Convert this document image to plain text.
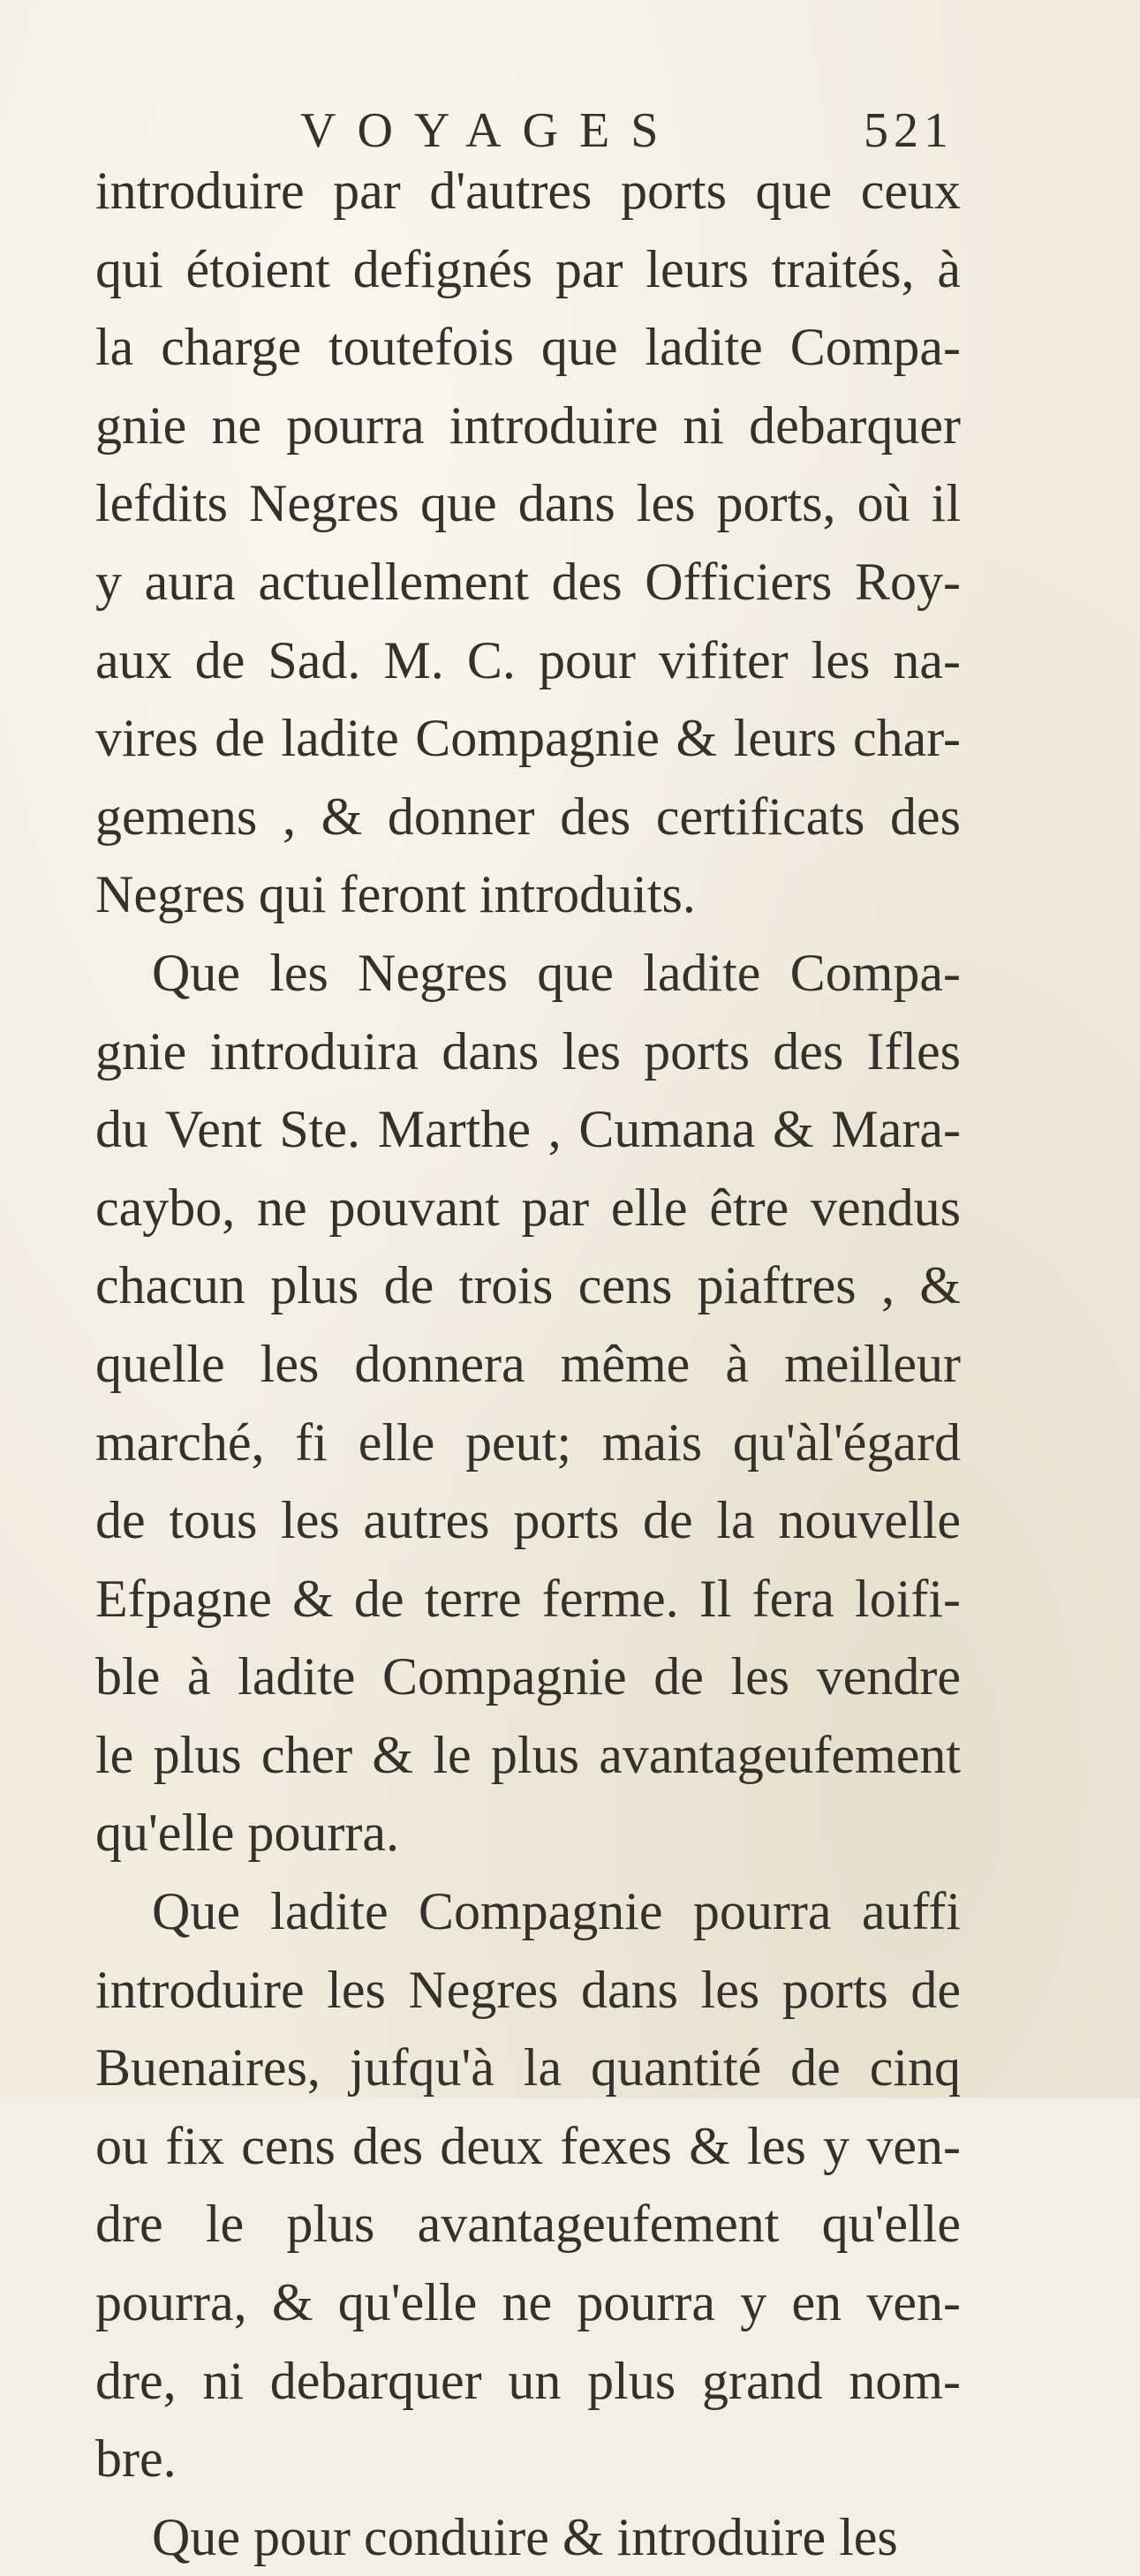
VOYAGES	521
introduire par d'autres ports que ceux
qui étoient defignés par leurs traités, à
la charge toutefois que ladite Compa-
gnie ne pourra introduire ni debarquer
lefdits Negres que dans les ports, où il
y aura actuellement des Officiers Roy-
aux de Sad. M. C. pour vifiter les na-
vires de ladite Compagnie & leurs char-
gemens , & donner des certificats des
Negres qui feront introduits.
Que les Negres que ladite Compa-
gnie introduira dans les ports des Ifles
du Vent Ste. Marthe , Cumana & Mara-
caybo, ne pouvant par elle être vendus
chacun plus de trois cens piaftres , &
quelle les donnera même à meilleur
marché, fi elle peut; mais qu'àl'égard
de tous les autres ports de la nouvelle
Efpagne & de terre ferme. Il fera loifi-
ble à ladite Compagnie de les vendre
le plus cher & le plus avantageufement
qu'elle pourra.
Que ladite Compagnie pourra auffi
introduire les Negres dans les ports de
Buenaires, jufqu'à la quantité de cinq
ou fix cens des deux fexes & les y ven-
dre le plus avantageufement qu'elle
pourra, & qu'elle ne pourra y en ven-
dre, ni debarquer un plus grand nom-
bre.
Que pour conduire & introduire les
